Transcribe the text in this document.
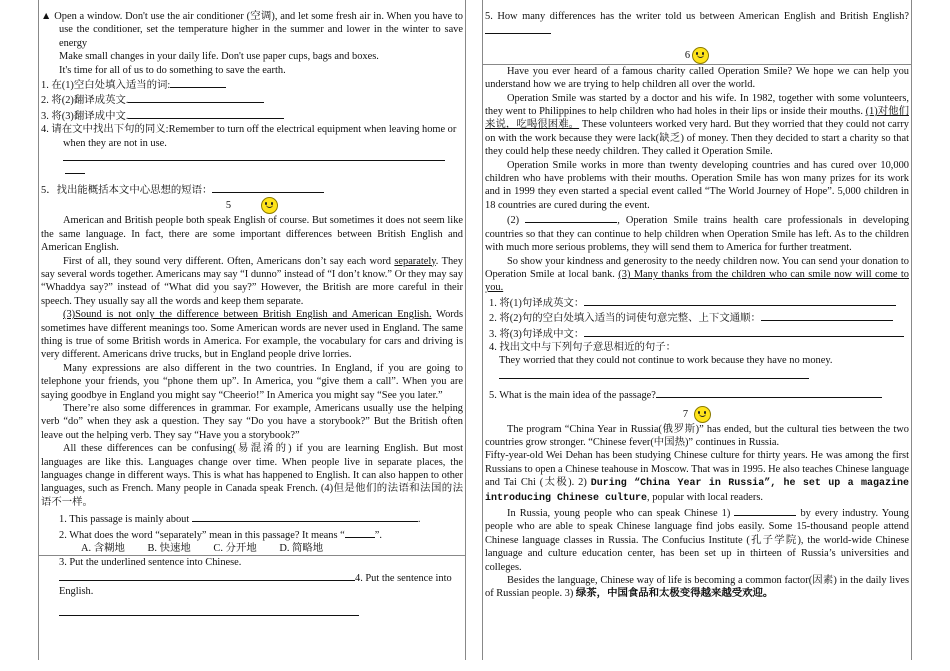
▲ Open a window. Don't use the air conditioner (空调), and let some fresh air in. When you have to use the conditioner, set the temperature higher in the summer and lower in the winter to save energy

Make small changes in your daily life. Don't use paper cups, bags and boxes.

It's time for all of us to do something to save the earth.

1. 在(1)空白处填入适当的词:

2. 将(2)翻译成英文.

3. 将(3)翻译成中文.

4. 请在文中找出下句的同义:Remember to turn off the electrical equipment when leaving home or when they are not in use.

5．找出能概括本文中心思想的短语：

5

American and British people both speak English of course. But sometimes it does not seem like the same language. In fact, there are some important differences between British English and American English.

First of all, they sound very different. Often, Americans don’t say each word separately. They say several words together. Americans may say “I dunno” instead of “I don’t know.” Or they may say “Whaddya say?” instead of “What did you say?” However, the British are more careful in their speech. They usually say all the words and keep them separate.

(3)Sound is not only the difference between British English and American English. Words sometimes have different meanings too. Some American words are never used in England. The same thing is true of some British words in America. For example, the vocabulary for cars and driving is very different. Americans drive trucks, but in England people drive lorries.

Many expressions are also different in the two countries. In England, if you are going to telephone your friends, you “phone them up”. In America, you “give them a call”. When you are saying goodbye in England you might say “Cheerio!” In America you might say “See you later.”

There’re also some differences in grammar. For example, Americans usually use the helping verb “do” when they ask a question. They say “Do you have a storybook?” But the British often leave out the helping verb. They say “Have you a storybook?”

All these differences can be confusing(易混淆的) if you are learning English. But most languages are like this. Languages change over time. When people live in separate places, the languages change in different ways. This is what has happened to English. It can also happen to other languages, such as French. Many people in Canada speak French. (4)但是他们的法语和法国的法语不一样。

1. This passage is mainly about	.

2. What does the word “separately” mean in this passage? It means “	”.

A. 含糊地 B. 快速地 C. 分开地 D. 简略地

3. Put the underlined sentence into Chinese.

4. Put the sentence into English.

5. How many differences has the writer told us between American English and British English?

6

Have you ever heard of a famous charity called Operation Smile? We hope we can help you understand how we are trying to help children all over the world.

Operation Smile was started by a doctor and his wife. In 1982, together with some volunteers, they went to Philippines to help children who had holes in their lips or inside their mouths. (1)对他们来说，吃喝很困难。 These volunteers worked very hard. But they worried that they could not carry on with the work because they were lack(缺乏) of money. Then they decided to start a charity so that they could help these needy children. They called it Operation Smile.

Operation Smile works in more than twenty developing countries and has cured over 10,000 children who have problems with their mouths. Operation Smile has won many prizes for its work and in 1999 they even started a special event called “The World Journey of Hope”. 5,000 children in 18 countries are cured during the event.

(2)	, Operation Smile trains health care professionals in developing countries so that they can continue to help children when Operation Smile has left. As to the children with much more serious problems, they will send them to America for further treatment.

So show your kindness and generosity to the needy children now. You can send your donation to Operation Smile at local bank. (3) Many thanks from the children who can smile now will come to you.

1. 将(1)句译成英文：

2. 将(2)句的空白处填入适当的词使句意完整、上下文通顺：

3. 将(3)句译成中文：

4. 找出文中与下列句子意思相近的句子：

They worried that they could not continue to work because they have no money.

5. What is the main idea of the passage?

7

The program “China Year in Russia(俄罗斯)” has ended, but the cultural ties between the two countries grow stronger. “Chinese fever(中国热)” continues in Russia.

Fifty-year-old Wei Dehan has been studying Chinese culture for thirty years. He was among the first Russians to open a Chinese teahouse in Moscow. That was in 1995. He also teaches Chinese language and Tai Chi (太极). 2) During “China Year in Russia”, he set up a magazine introducing Chinese culture, popular with local readers.

In Russia, young people who can speak Chinese 1)	by every industry. Young people who are able to speak Chinese language find jobs easily. Some 15-thousand people attend Chinese language classes in Russia. The Confucius Institute (孔子学院), the world-wide Chinese language and culture education center, has been set up in thirteen of Russia’s universities and colleges.

Besides the language, Chinese way of life is becoming a common factor(因素) in the daily lives of Russian people. 3) 绿茶，中国食品和太极变得越来越受欢迎。
